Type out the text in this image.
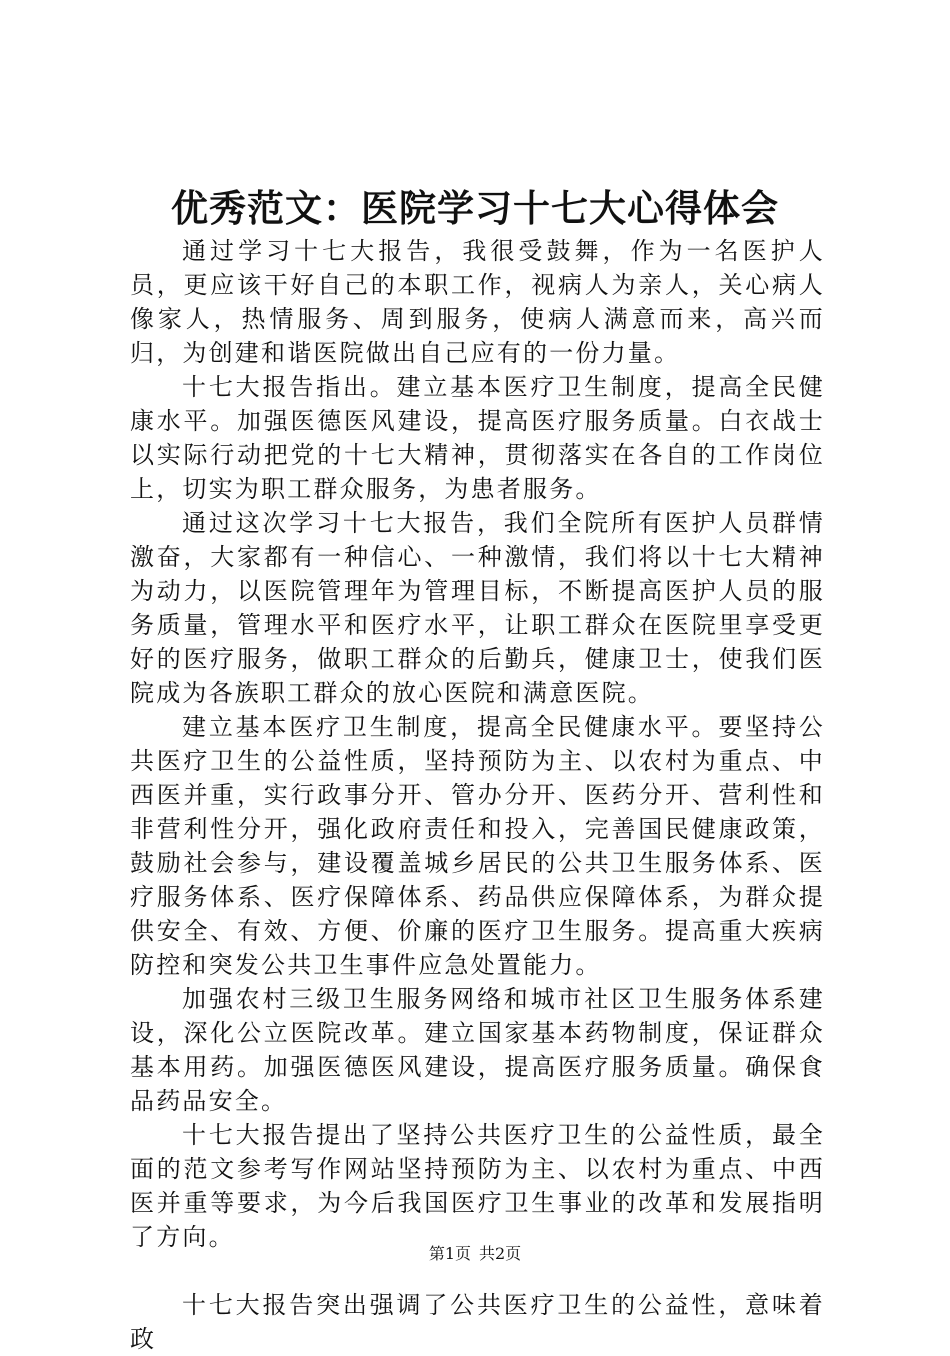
优秀范文：医院学习十七大心得体会

通过学习十七大报告，我很受鼓舞，作为一名医护人员，更应该干好自己的本职工作，视病人为亲人，关心病人像家人，热情服务、周到服务，使病人满意而来，高兴而归，为创建和谐医院做出自己应有的一份力量。

十七大报告指出。建立基本医疗卫生制度，提高全民健康水平。加强医德医风建设，提高医疗服务质量。白衣战士以实际行动把党的十七大精神，贯彻落实在各自的工作岗位上，切实为职工群众服务，为患者服务。

通过这次学习十七大报告，我们全院所有医护人员群情激奋，大家都有一种信心、一种激情，我们将以十七大精神为动力，以医院管理年为管理目标，不断提高医护人员的服务质量，管理水平和医疗水平，让职工群众在医院里享受更好的医疗服务，做职工群众的后勤兵，健康卫士，使我们医院成为各族职工群众的放心医院和满意医院。

建立基本医疗卫生制度，提高全民健康水平。要坚持公共医疗卫生的公益性质，坚持预防为主、以农村为重点、中西医并重，实行政事分开、管办分开、医药分开、营利性和非营利性分开，强化政府责任和投入，完善国民健康政策，鼓励社会参与，建设覆盖城乡居民的公共卫生服务体系、医疗服务体系、医疗保障体系、药品供应保障体系，为群众提供安全、有效、方便、价廉的医疗卫生服务。提高重大疾病防控和突发公共卫生事件应急处置能力。

加强农村三级卫生服务网络和城市社区卫生服务体系建设，深化公立医院改革。建立国家基本药物制度，保证群众基本用药。加强医德医风建设，提高医疗服务质量。确保食品药品安全。

十七大报告提出了坚持公共医疗卫生的公益性质，最全面的范文参考写作网站坚持预防为主、以农村为重点、中西医并重等要求，为今后我国医疗卫生事业的改革和发展指明了方向。

十七大报告突出强调了公共医疗卫生的公益性，意味着政

第1页 共2页
